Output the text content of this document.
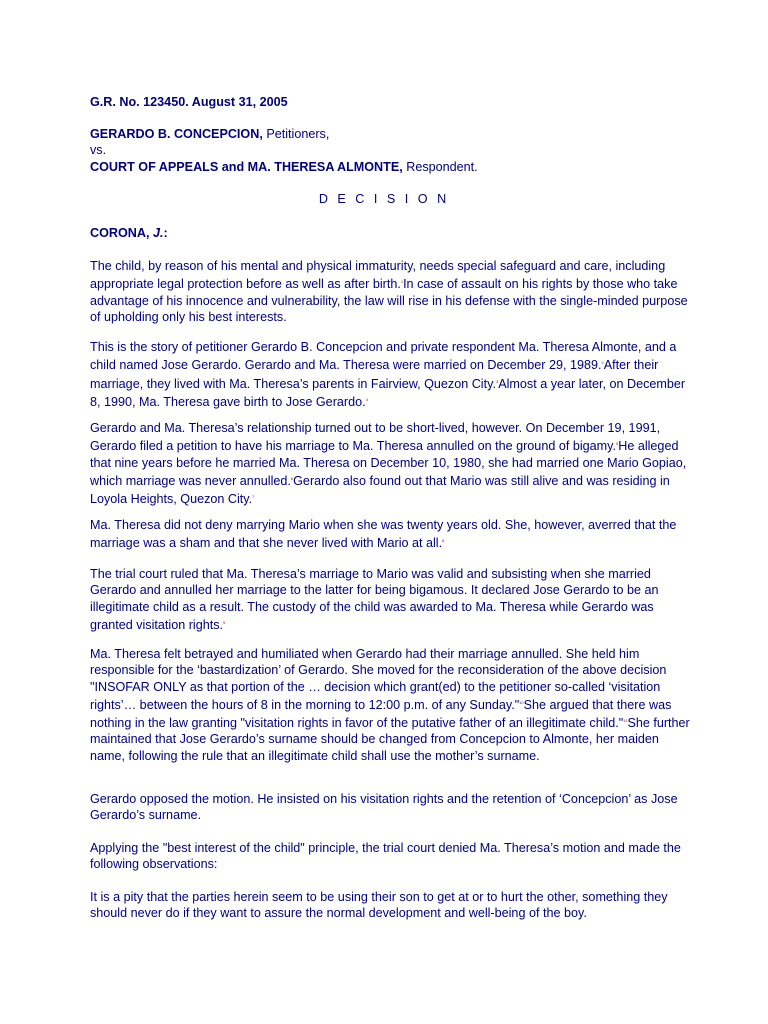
G.R. No. 123450. August 31, 2005
GERARDO B. CONCEPCION, Petitioners,
vs.
COURT OF APPEALS and MA. THERESA ALMONTE, Respondent.
D E C I S I O N
CORONA, J.:
The child, by reason of his mental and physical immaturity, needs special safeguard and care, including appropriate legal protection before as well as after birth.$^1$In case of assault on his rights by those who take advantage of his innocence and vulnerability, the law will rise in his defense with the single-minded purpose of upholding only his best interests.
This is the story of petitioner Gerardo B. Concepcion and private respondent Ma. Theresa Almonte, and a child named Jose Gerardo. Gerardo and Ma. Theresa were married on December 29, 1989.$^2$After their marriage, they lived with Ma. Theresa’s parents in Fairview, Quezon City.$^3$Almost a year later, on December 8, 1990, Ma. Theresa gave birth to Jose Gerardo.$^4$
Gerardo and Ma. Theresa’s relationship turned out to be short-lived, however. On December 19, 1991, Gerardo filed a petition to have his marriage to Ma. Theresa annulled on the ground of bigamy.$^5$He alleged that nine years before he married Ma. Theresa on December 10, 1980, she had married one Mario Gopiao, which marriage was never annulled.$^6$Gerardo also found out that Mario was still alive and was residing in Loyola Heights, Quezon City.$^7$
Ma. Theresa did not deny marrying Mario when she was twenty years old. She, however, averred that the marriage was a sham and that she never lived with Mario at all.$^8$
The trial court ruled that Ma. Theresa’s marriage to Mario was valid and subsisting when she married Gerardo and annulled her marriage to the latter for being bigamous. It declared Jose Gerardo to be an illegitimate child as a result. The custody of the child was awarded to Ma. Theresa while Gerardo was granted visitation rights.$^9$
Ma. Theresa felt betrayed and humiliated when Gerardo had their marriage annulled. She held him responsible for the ‘bastardization’ of Gerardo. She moved for the reconsideration of the above decision "INSOFAR ONLY as that portion of the … decision which grant(ed) to the petitioner so-called ‘visitation rights’… between the hours of 8 in the morning to 12:00 p.m. of any Sunday."$^{10}$She argued that there was nothing in the law granting "visitation rights in favor of the putative father of an illegitimate child."$^{11}$She further maintained that Jose Gerardo’s surname should be changed from Concepcion to Almonte, her maiden name, following the rule that an illegitimate child shall use the mother’s surname.
Gerardo opposed the motion. He insisted on his visitation rights and the retention of ‘Concepcion’ as Jose Gerardo’s surname.
Applying the "best interest of the child" principle, the trial court denied Ma. Theresa’s motion and made the following observations:
It is a pity that the parties herein seem to be using their son to get at or to hurt the other, something they should never do if they want to assure the normal development and well-being of the boy.
